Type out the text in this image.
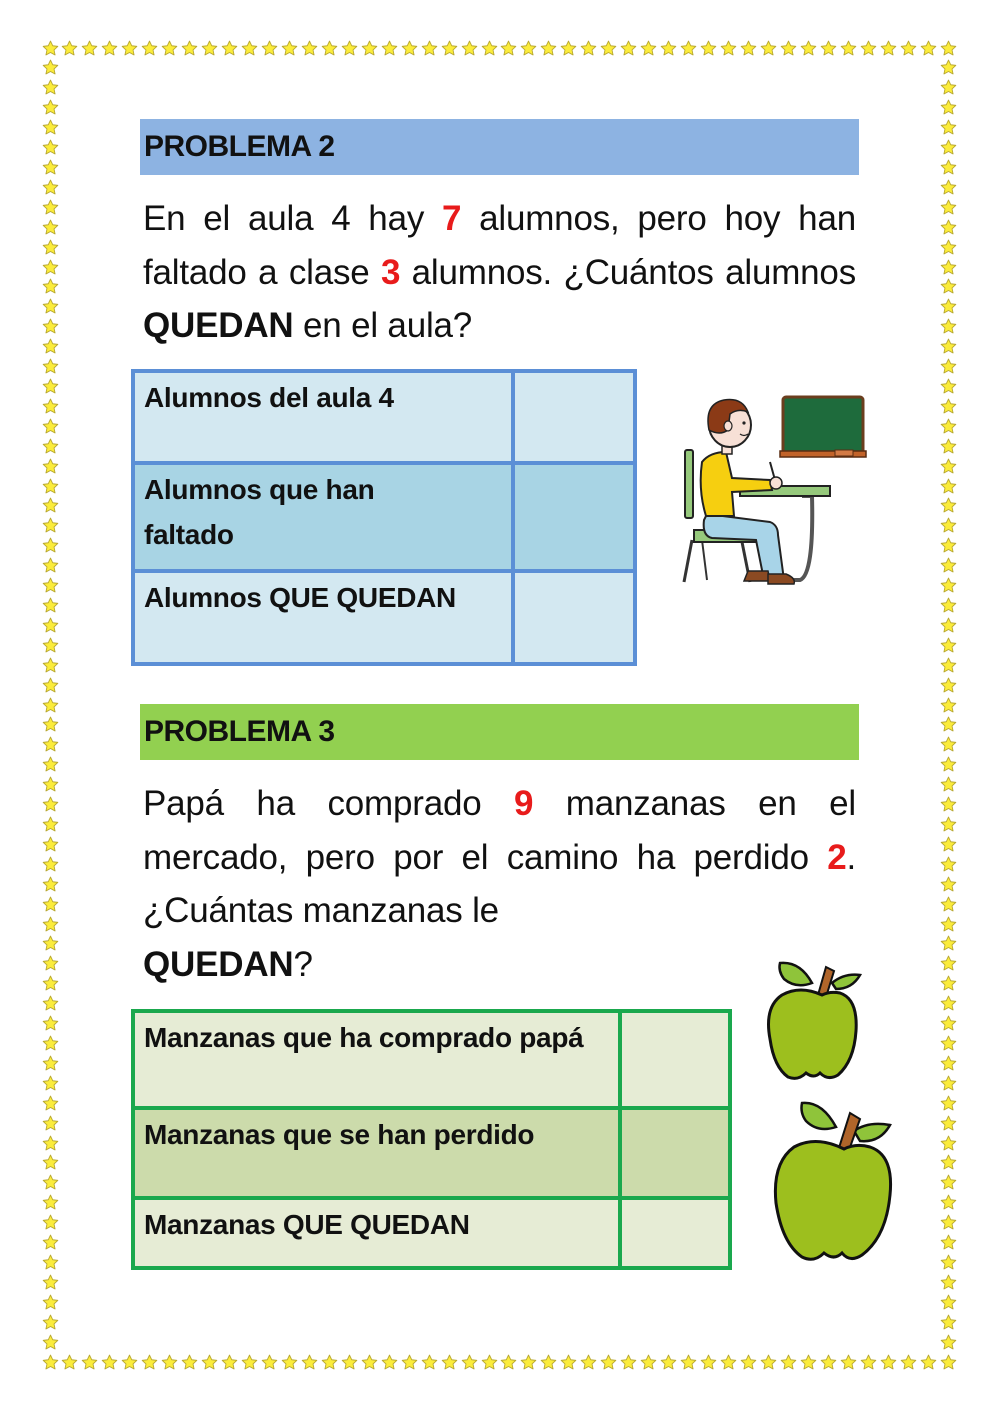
PROBLEMA 2
En el aula 4 hay 7 alumnos, pero hoy han faltado a clase 3 alumnos. ¿Cuántos alumnos QUEDAN en el aula?
Alumnos del aula 4	

Alumnos que han faltado	

Alumnos QUE QUEDAN	
PROBLEMA 3
Papá ha comprado 9 manzanas en el mercado, pero por el camino ha perdido 2. ¿Cuántas manzanas le
QUEDAN?
Manzanas que ha comprado papá	

Manzanas que se han perdido	
Manzanas QUE QUEDAN	
